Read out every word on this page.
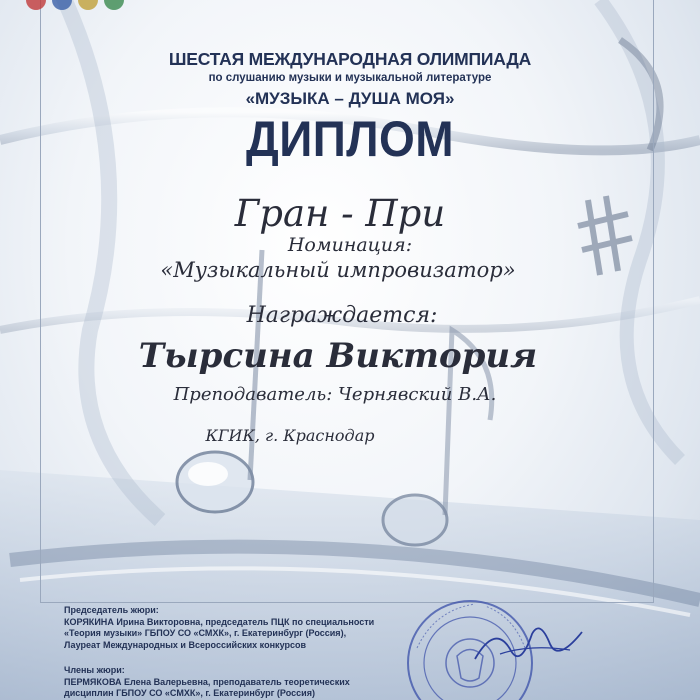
ШЕСТАЯ МЕЖДУНАРОДНАЯ ОЛИМПИАДА
по слушанию музыки и музыкальной литературе
«МУЗЫКА – ДУША МОЯ»
ДИПЛОМ
Гран - При
Номинация:
«Музыкальный импровизатор»
Награждается:
Тырсина Виктория
Преподаватель: Чернявский В.А.
КГИК, г. Краснодар
Председатель жюри:
КОРЯКИНА Ирина Викторовна, председатель ПЦК по специальности
«Теория музыки» ГБПОУ СО «СМХК», г. Екатеринбург (Россия),
Лауреат Международных и Всероссийских конкурсов
Члены жюри:
ПЕРМЯКОВА Елена Валерьевна, преподаватель теоретических
дисциплин ГБПОУ СО «СМХК», г. Екатеринбург (Россия)
